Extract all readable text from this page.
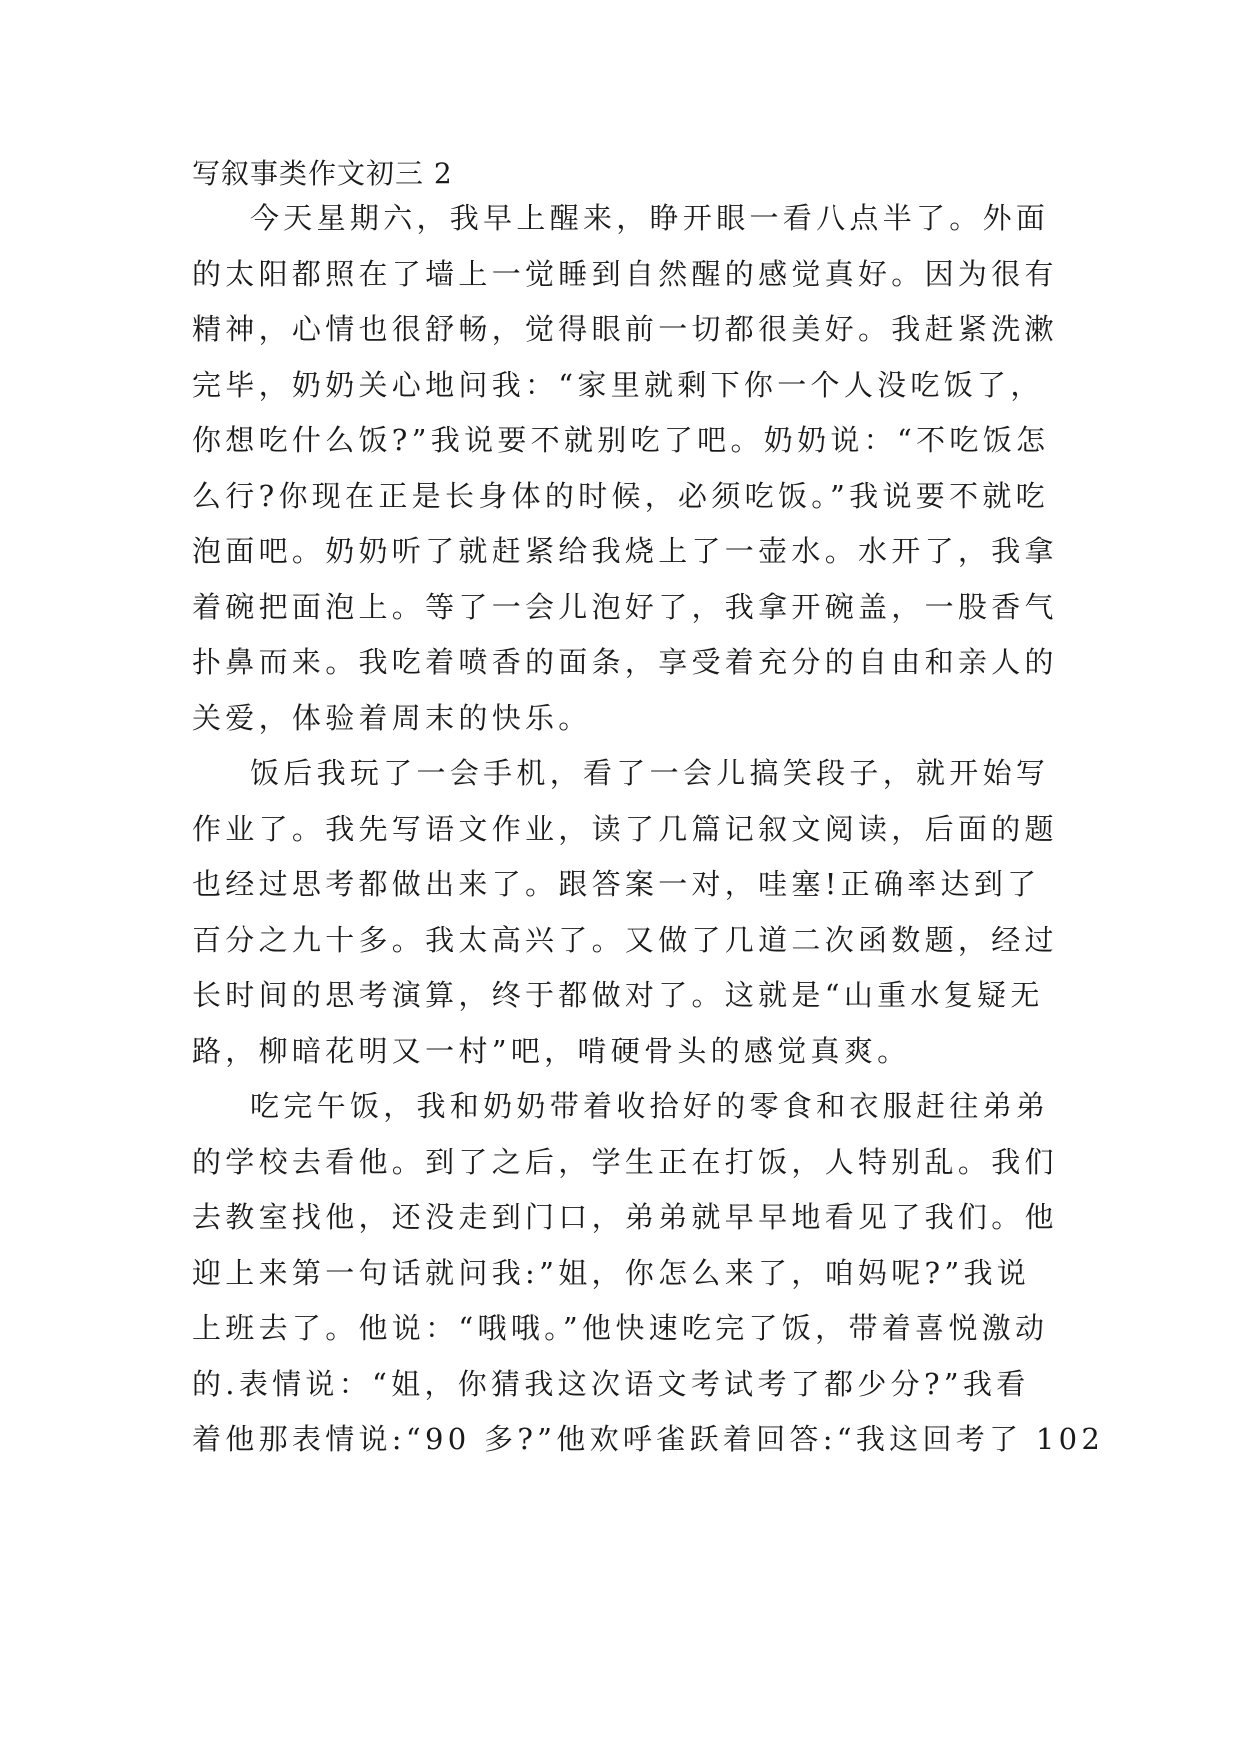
写叙事类作文初三 2
今天星期六，我早上醒来，睁开眼一看八点半了。外面
的太阳都照在了墙上一觉睡到自然醒的感觉真好。因为很有
精神，心情也很舒畅，觉得眼前一切都很美好。我赶紧洗漱
完毕，奶奶关心地问我：“家里就剩下你一个人没吃饭了，
你想吃什么饭?”我说要不就别吃了吧。奶奶说：“不吃饭怎
么行?你现在正是长身体的时候，必须吃饭。”我说要不就吃
泡面吧。奶奶听了就赶紧给我烧上了一壶水。水开了，我拿
着碗把面泡上。等了一会儿泡好了，我拿开碗盖，一股香气
扑鼻而来。我吃着喷香的面条，享受着充分的自由和亲人的
关爱，体验着周末的快乐。
饭后我玩了一会手机，看了一会儿搞笑段子，就开始写
作业了。我先写语文作业，读了几篇记叙文阅读，后面的题
也经过思考都做出来了。跟答案一对，哇塞!正确率达到了
百分之九十多。我太高兴了。又做了几道二次函数题，经过
长时间的思考演算，终于都做对了。这就是“山重水复疑无
路，柳暗花明又一村”吧，啃硬骨头的感觉真爽。
吃完午饭，我和奶奶带着收拾好的零食和衣服赶往弟弟
的学校去看他。到了之后，学生正在打饭，人特别乱。我们
去教室找他，还没走到门口，弟弟就早早地看见了我们。他
迎上来第一句话就问我:”姐，你怎么来了，咱妈呢?”我说
上班去了。他说：“哦哦。”他快速吃完了饭，带着喜悦激动
的.表情说：“姐，你猜我这次语文考试考了都少分?”我看
着他那表情说:“90 多?”他欢呼雀跃着回答:“我这回考了 102
